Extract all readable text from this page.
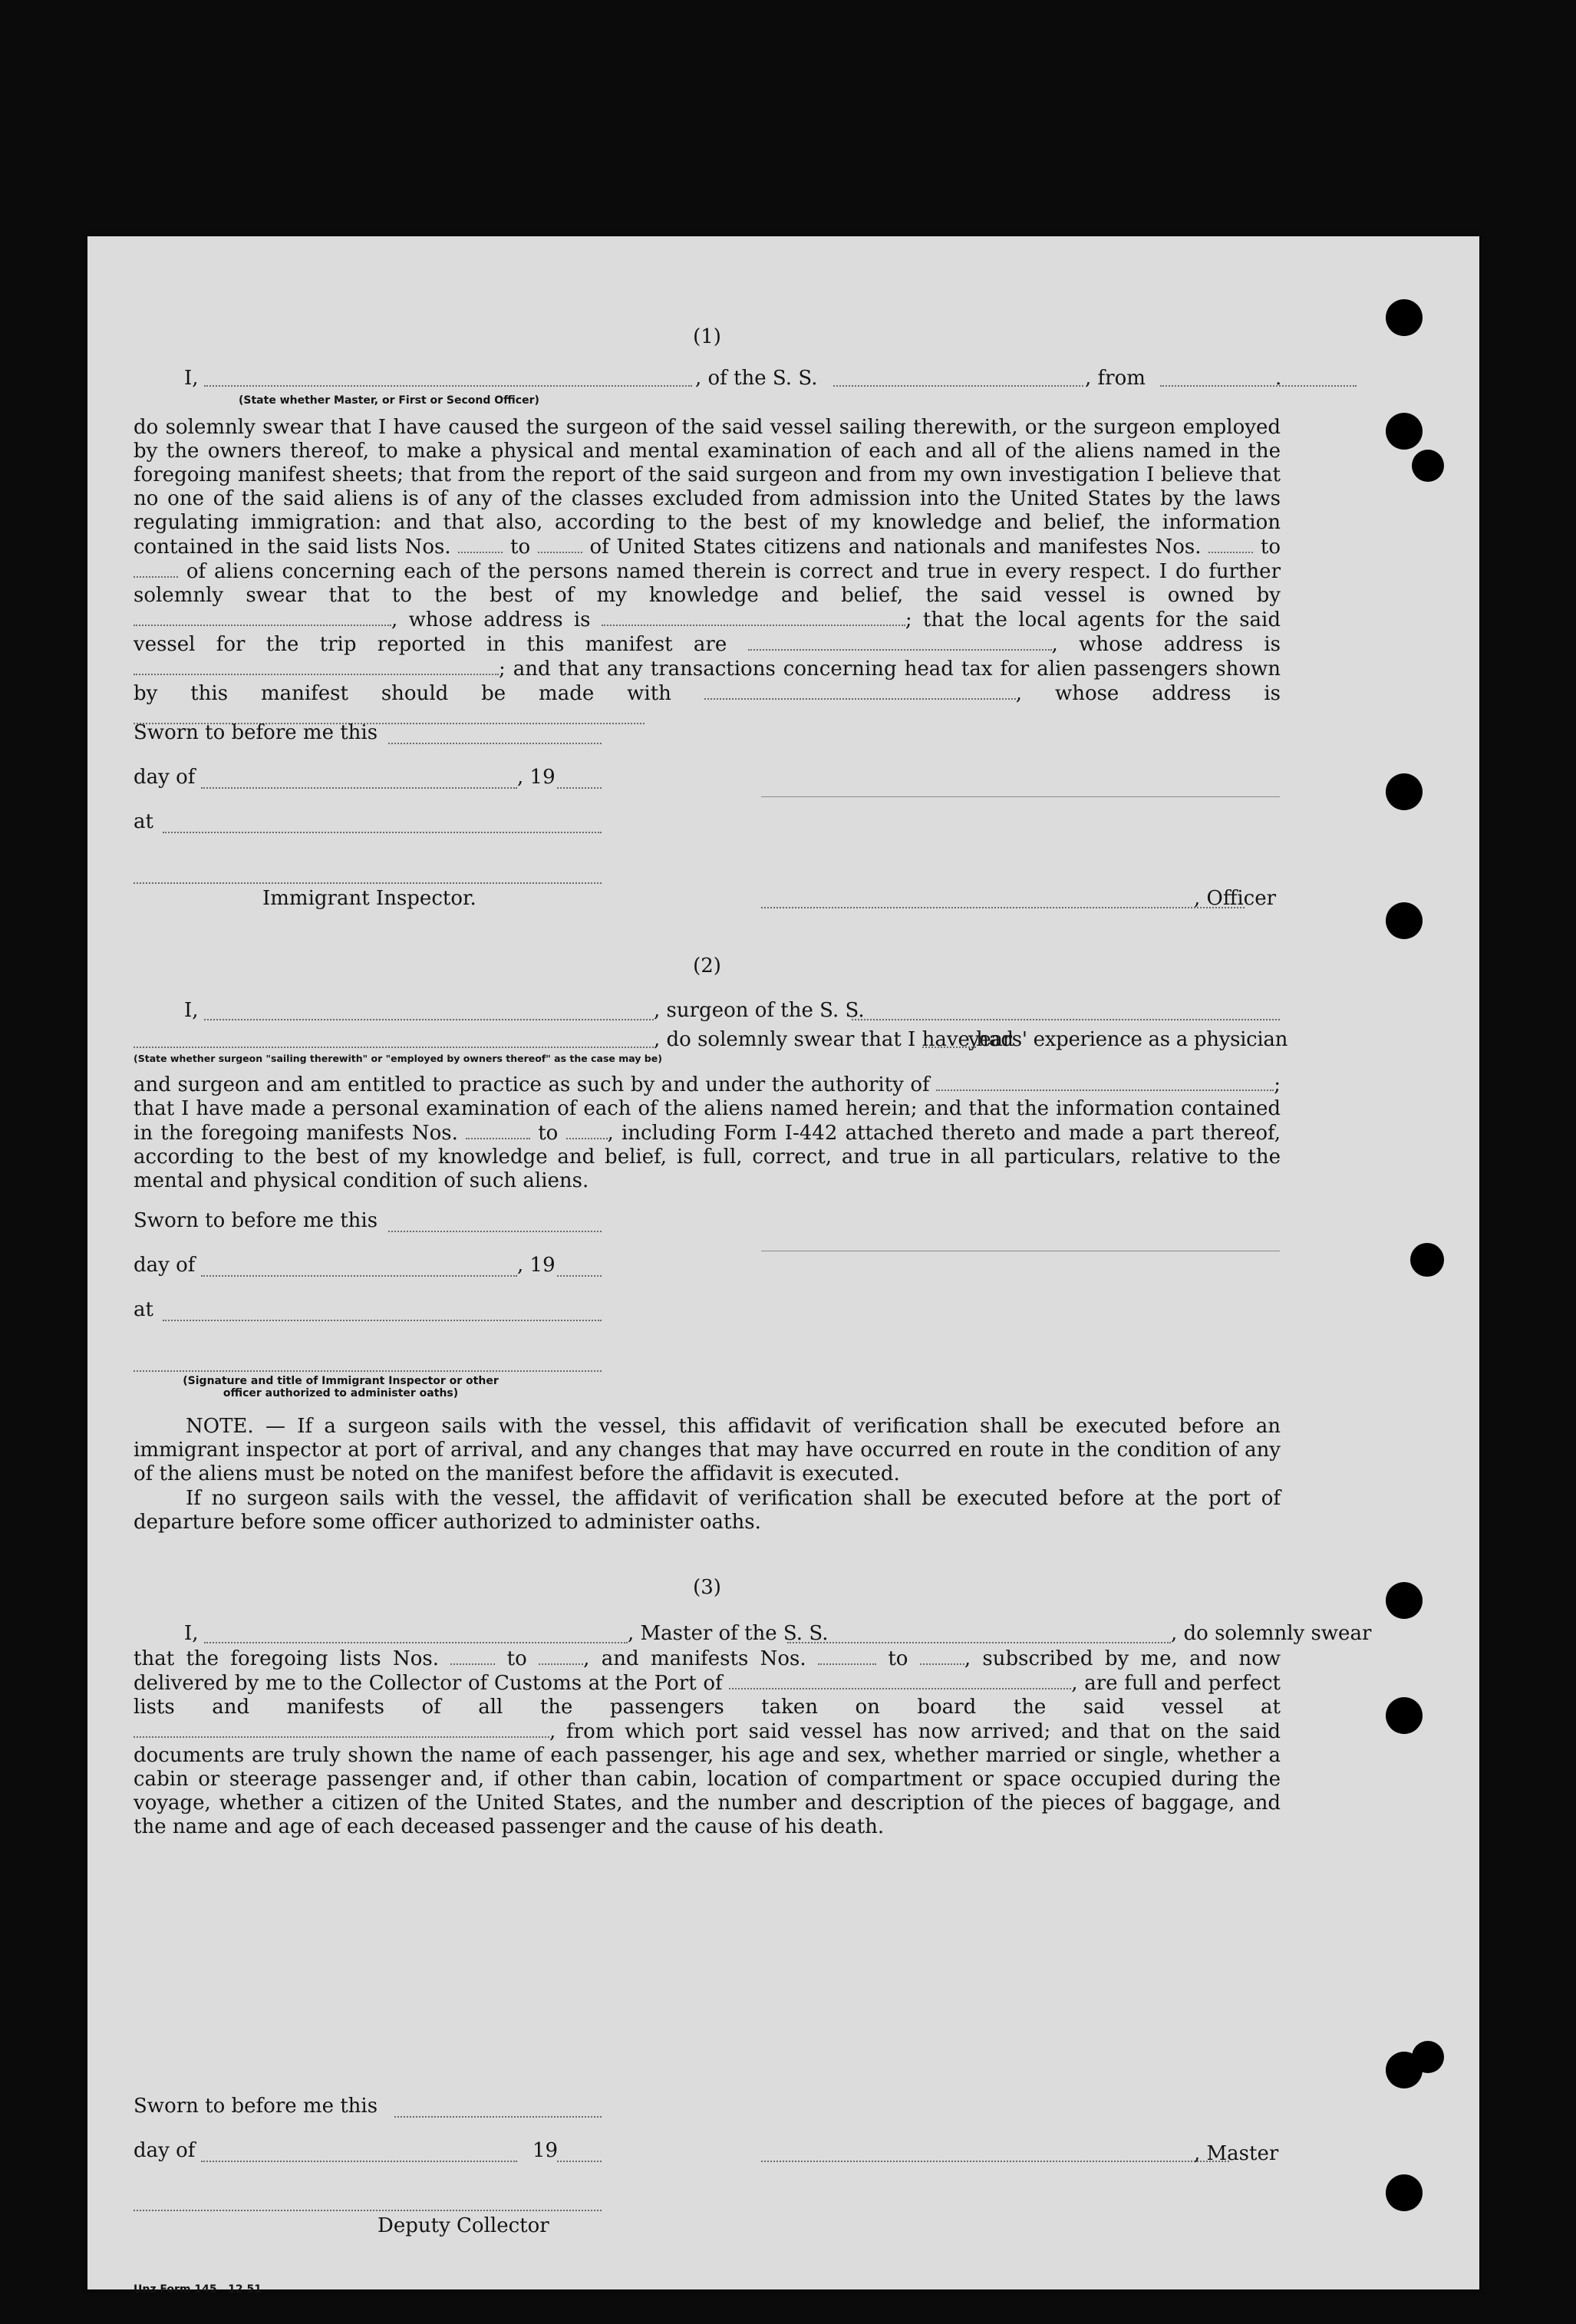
(1)
I,	, of the S. S.	, from	.
(State whether Master, or First or Second Officer)
do solemnly swear that I have caused the surgeon of the said vessel sailing therewith, or the surgeon employed by the owners thereof, to make a physical and mental examination of each and all of the aliens named in the foregoing manifest sheets; that from the report of the said surgeon and from my own investigation I believe that no one of the said aliens is of any of the classes excluded from admission into the United States by the laws regulating immigration: and that also, according to the best of my knowledge and belief, the information contained in the said lists Nos.	to	of United States citizens and nationals and manifestes Nos.	to  of aliens concerning each of the persons named therein is correct and true in every respect. I do further solemnly swear that to the best of my knowledge and belief, the said vessel is owned by , whose address is	; that the local agents for the said vessel for the trip reported in this manifest are	, whose address is ; and that any transactions concerning head tax for alien passengers shown by this manifest should be made with	, whose address is
Sworn to before me this
day of	, 19
at
Immigrant Inspector.	, Officer
(2)
I,	, surgeon of the S. S.
, do solemnly swear that I have had
years' experience as a physician
(State whether surgeon "sailing therewith" or "employed by owners thereof" as the case may be)
and surgeon and am entitled to practice as such by and under the authority of	; that I have made a personal examination of each of the aliens named herein; and that the information contained in the foregoing manifests Nos.	to , including Form I-442 attached thereto and made a part thereof, according to the best of my knowledge and belief, is full, correct, and true in all particulars, relative to the mental and physical condition of such aliens.
Sworn to before me this
day of	, 19
at
(Signature and title of Immigrant Inspector or other officer authorized to administer oaths)
NOTE. — If a surgeon sails with the vessel, this affidavit of verification shall be executed before an immigrant inspector at port of arrival, and any changes that may have occurred en route in the condition of any of the aliens must be noted on the manifest before the affidavit is executed.
If no surgeon sails with the vessel, the affidavit of verification shall be executed before at the port of departure before some officer authorized to administer oaths.
(3)
I,	, Master of the S. S.	, do solemnly swear
that the foregoing lists Nos.	to	, and manifests Nos.	to	, subscribed by me, and now delivered by me to the Collector of Customs at the Port of	, are full and perfect lists and manifests of all the passengers taken on board the said vessel at , from which port said vessel has now arrived; and that on the said documents are truly shown the name of each passenger, his age and sex, whether married or single, whether a cabin or steerage passenger and, if other than cabin, location of compartment or space occupied during the voyage, whether a citizen of the United States, and the number and description of the pieces of baggage, and the name and age of each deceased passenger and the cause of his death.
Sworn to before me this
day of	19	, Master
Deputy Collector
Unz Form 145   12 51
